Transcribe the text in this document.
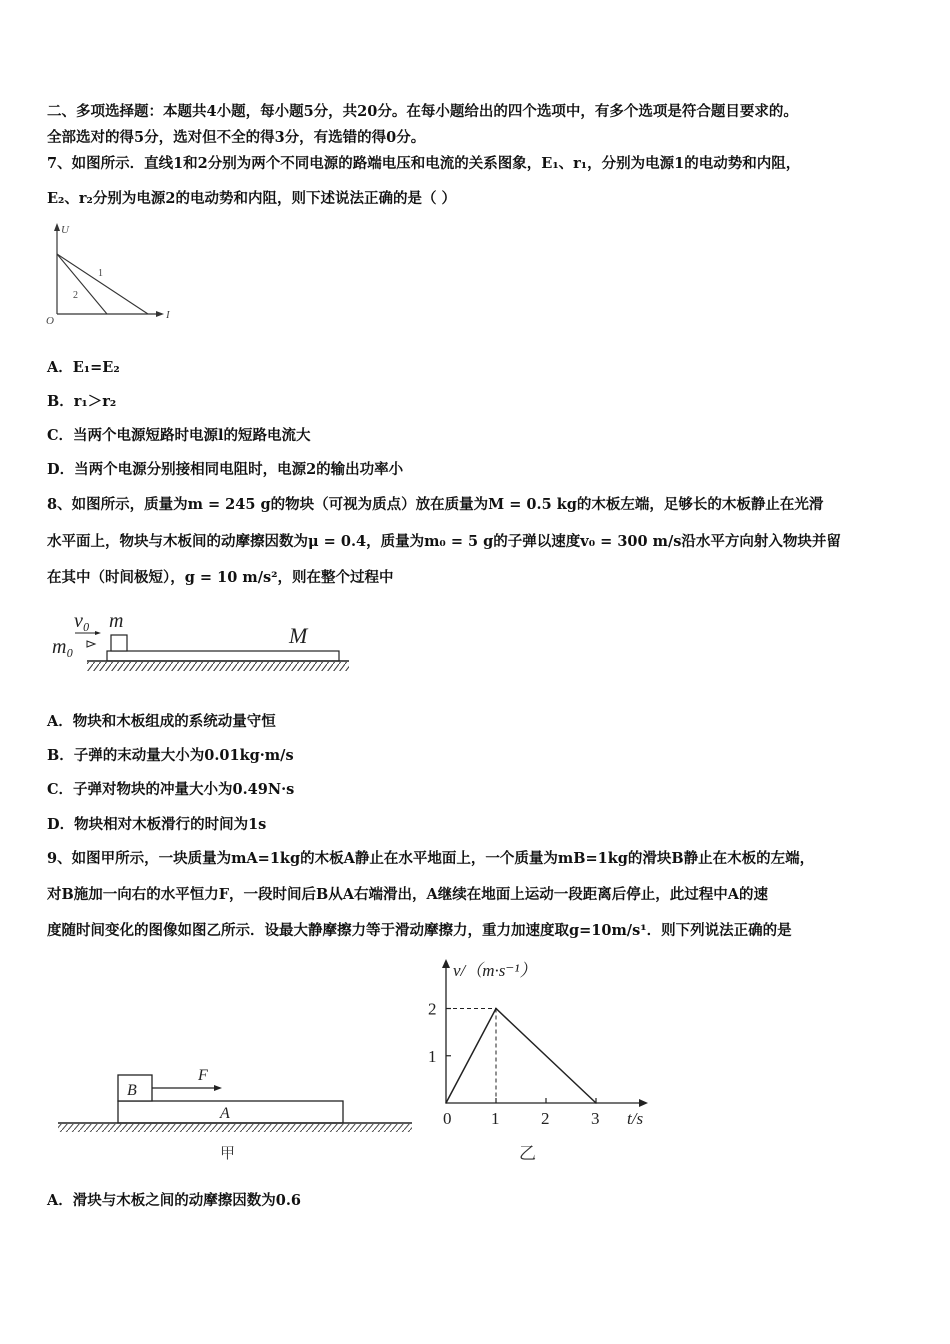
二、多项选择题：本题共4小题，每小题5分，共20分。在每小题给出的四个选项中，有多个选项是符合题目要求的。
全部选对的得5分，选对但不全的得3分，有选错的得0分。
7、如图所示．直线1和2分别为两个不同电源的路端电压和电流的关系图象，E₁、r₁，分别为电源1的电动势和内阻，
E₂、r₂分别为电源2的电动势和内阻，则下述说法正确的是（ ）
U
I
O
1
2
A．E₁=E₂
B．r₁＞r₂
C．当两个电源短路时电源l的短路电流大
D．当两个电源分别接相同电阻时，电源2的输出功率小
8、如图所示，质量为m = 245 g的物块（可视为质点）放在质量为M = 0.5 kg的木板左端，足够长的木板静止在光滑
水平面上，物块与木板间的动摩擦因数为μ = 0.4，质量为m₀ = 5 g的子弹以速度v₀ = 300 m/s沿水平方向射入物块并留
在其中（时间极短），g = 10 m/s²，则在整个过程中
v₀ m
m₀	M
A．物块和木板组成的系统动量守恒
B．子弹的末动量大小为0.01kg·m/s
C．子弹对物块的冲量大小为0.49N·s
D．物块相对木板滑行的时间为1s
9、如图甲所示，一块质量为mA=1kg的木板A静止在水平地面上，一个质量为mB=1kg的滑块B静止在木板的左端，
对B施加一向右的水平恒力F，一段时间后B从A右端滑出，A继续在地面上运动一段距离后停止，此过程中A的速
度随时间变化的图像如图乙所示．设最大静摩擦力等于滑动摩擦力，重力加速度取g=10m/s¹．则下列说法正确的是
B
A
F
甲
v/（m·s⁻¹）
t/s
乙
0 1 2 3
1
2
A．滑块与木板之间的动摩擦因数为0.6
